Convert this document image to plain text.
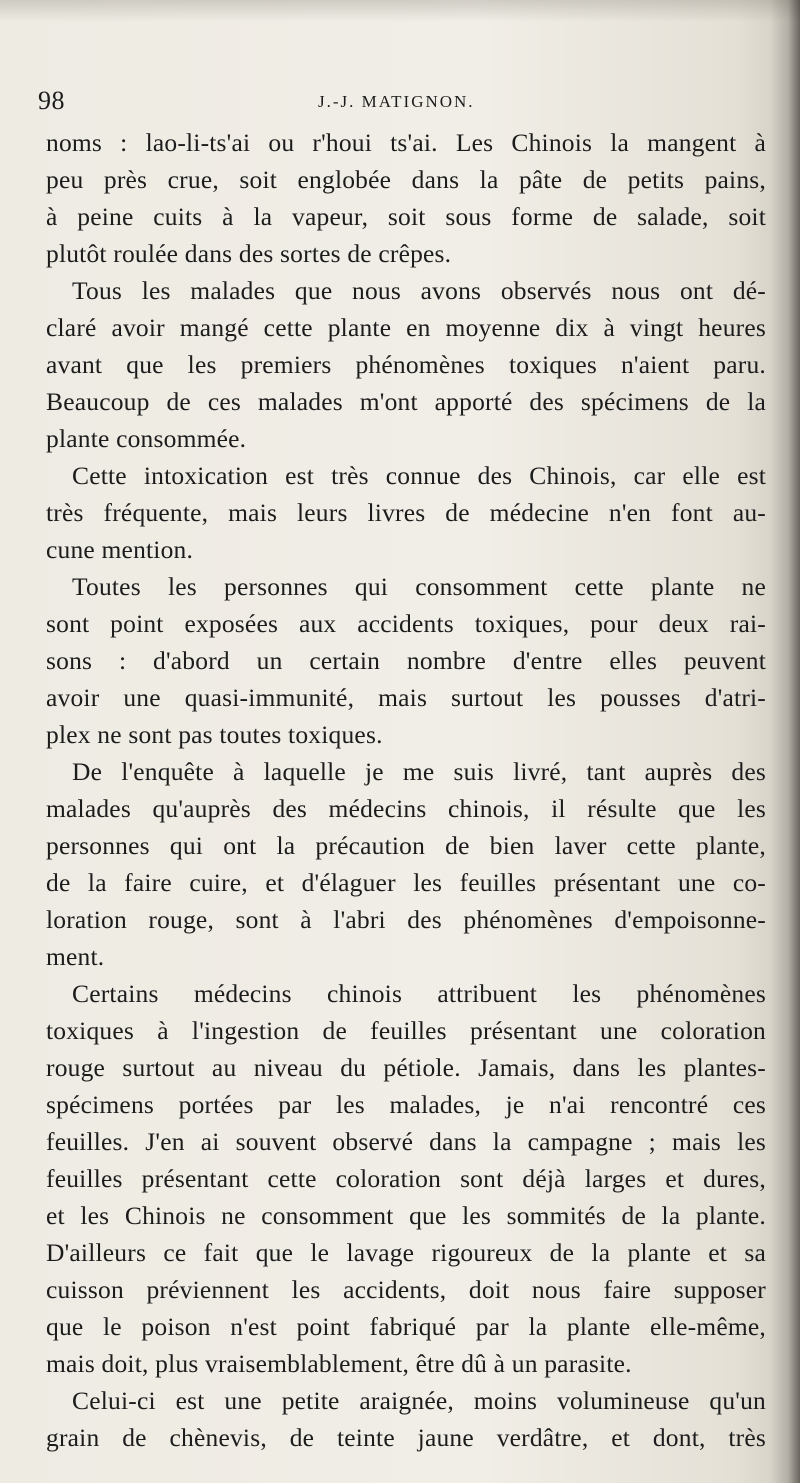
98	J.-J. MATIGNON.
noms : lao-li-ts'ai ou r'houi ts'ai. Les Chinois la mangent à
peu près crue, soit englobée dans la pâte de petits pains,
à peine cuits à la vapeur, soit sous forme de salade, soit
plutôt roulée dans des sortes de crêpes.
Tous les malades que nous avons observés nous ont dé-
claré avoir mangé cette plante en moyenne dix à vingt heures
avant que les premiers phénomènes toxiques n'aient paru.
Beaucoup de ces malades m'ont apporté des spécimens de la
plante consommée.
Cette intoxication est très connue des Chinois, car elle est
très fréquente, mais leurs livres de médecine n'en font au-
cune mention.
Toutes les personnes qui consomment cette plante ne
sont point exposées aux accidents toxiques, pour deux rai-
sons : d'abord un certain nombre d'entre elles peuvent
avoir une quasi-immunité, mais surtout les pousses d'atri-
plex ne sont pas toutes toxiques.
De l'enquête à laquelle je me suis livré, tant auprès des
malades qu'auprès des médecins chinois, il résulte que les
personnes qui ont la précaution de bien laver cette plante,
de la faire cuire, et d'élaguer les feuilles présentant une co-
loration rouge, sont à l'abri des phénomènes d'empoisonne-
ment.
Certains médecins chinois attribuent les phénomènes
toxiques à l'ingestion de feuilles présentant une coloration
rouge surtout au niveau du pétiole. Jamais, dans les plantes-
spécimens portées par les malades, je n'ai rencontré ces
feuilles. J'en ai souvent observé dans la campagne ; mais les
feuilles présentant cette coloration sont déjà larges et dures,
et les Chinois ne consomment que les sommités de la plante.
D'ailleurs ce fait que le lavage rigoureux de la plante et sa
cuisson préviennent les accidents, doit nous faire supposer
que le poison n'est point fabriqué par la plante elle-même,
mais doit, plus vraisemblablement, être dû à un parasite.
Celui-ci est une petite araignée, moins volumineuse qu'un
grain de chènevis, de teinte jaune verdâtre, et dont, très
